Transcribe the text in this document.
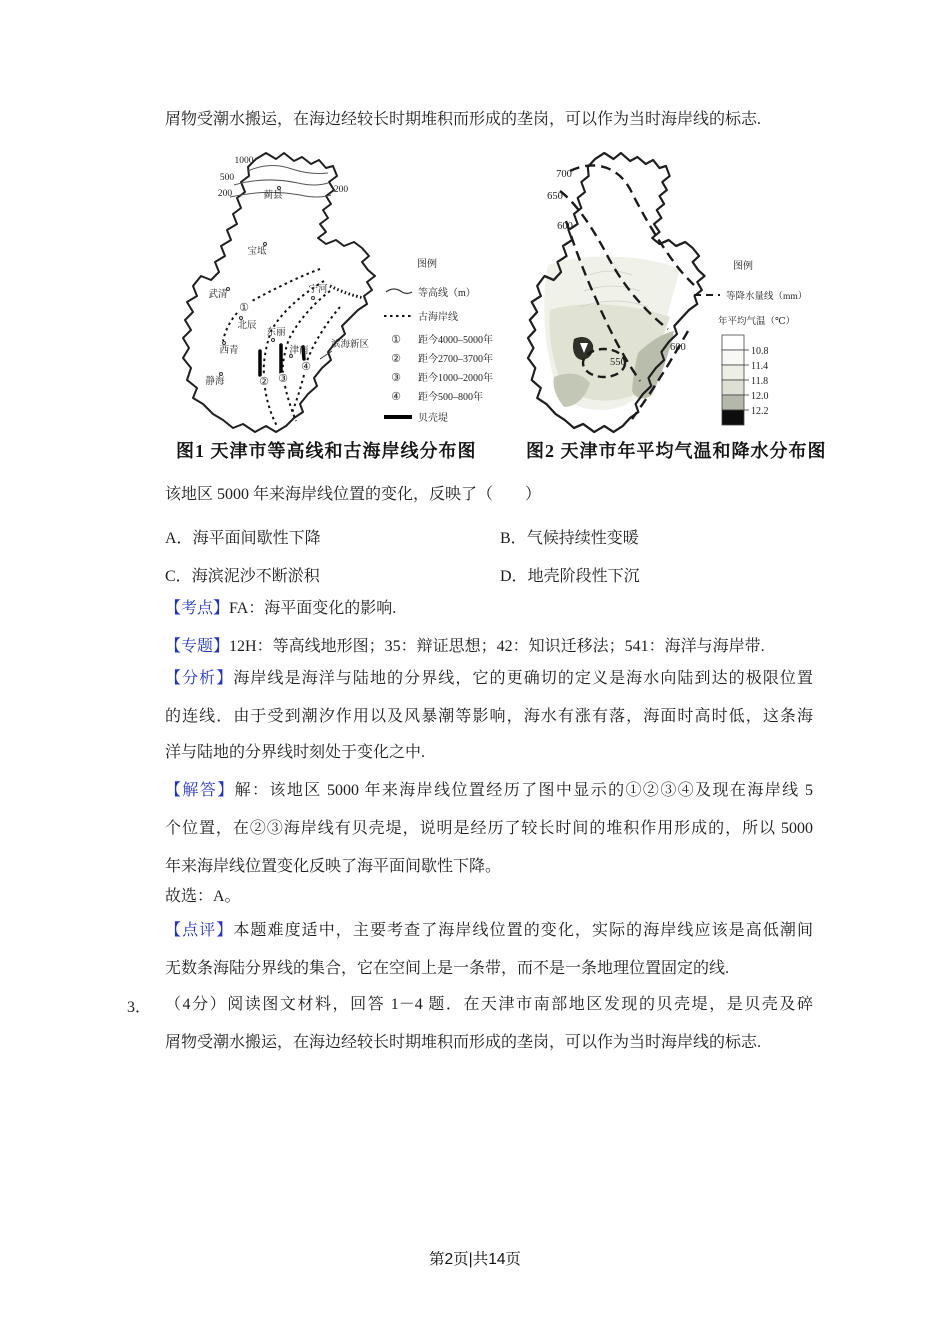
屑物受潮水搬运，在海边经较长时期堆积而形成的垄岗，可以作为当时海岸线的标志.
1000
500
200	200
①
② ③
④
蓟县
宝坻
武清	宁河
北辰
东丽
津南
西青
静海
滨海新区
图例
等高线（m）
古海岸线
① 距今4000–5000年
② 距今2700–3700年
③ 距今1000–2000年
④ 距今500–800年
贝壳堤
图1 天津市等高线和古海岸线分布图
700
650
600
550
600
图例
等降水量线（mm）
年平均气温（℃）
10.8
11.4
11.8
12.0
12.2
图2 天津市年平均气温和降水分布图
该地区 5000 年来海岸线位置的变化，反映了（　　）
A．海平面间歇性下降	B．气候持续性变暖
C．海滨泥沙不断淤积	D．地壳阶段性下沉
【考点】FA：海平面变化的影响.
【专题】12H：等高线地形图；35：辩证思想；42：知识迁移法；541：海洋与海岸带.
【分析】海岸线是海洋与陆地的分界线，它的更确切的定义是海水向陆到达的极限位置
的连线．由于受到潮汐作用以及风暴潮等影响，海水有涨有落，海面时高时低，这条海
洋与陆地的分界线时刻处于变化之中.
【解答】解：该地区 5000 年来海岸线位置经历了图中显示的①②③④及现在海岸线 5
个位置，在②③海岸线有贝壳堤，说明是经历了较长时间的堆积作用形成的，所以 5000
年来海岸线位置变化反映了海平面间歇性下降。
故选：A。
【点评】本题难度适中，主要考查了海岸线位置的变化，实际的海岸线应该是高低潮间
无数条海陆分界线的集合，它在空间上是一条带，而不是一条地理位置固定的线.
3． （4分）阅读图文材料，回答 1－4 题．在天津市南部地区发现的贝壳堤，是贝壳及碎
屑物受潮水搬运，在海边经较长时期堆积而形成的垄岗，可以作为当时海岸线的标志.
第2页|共14页
